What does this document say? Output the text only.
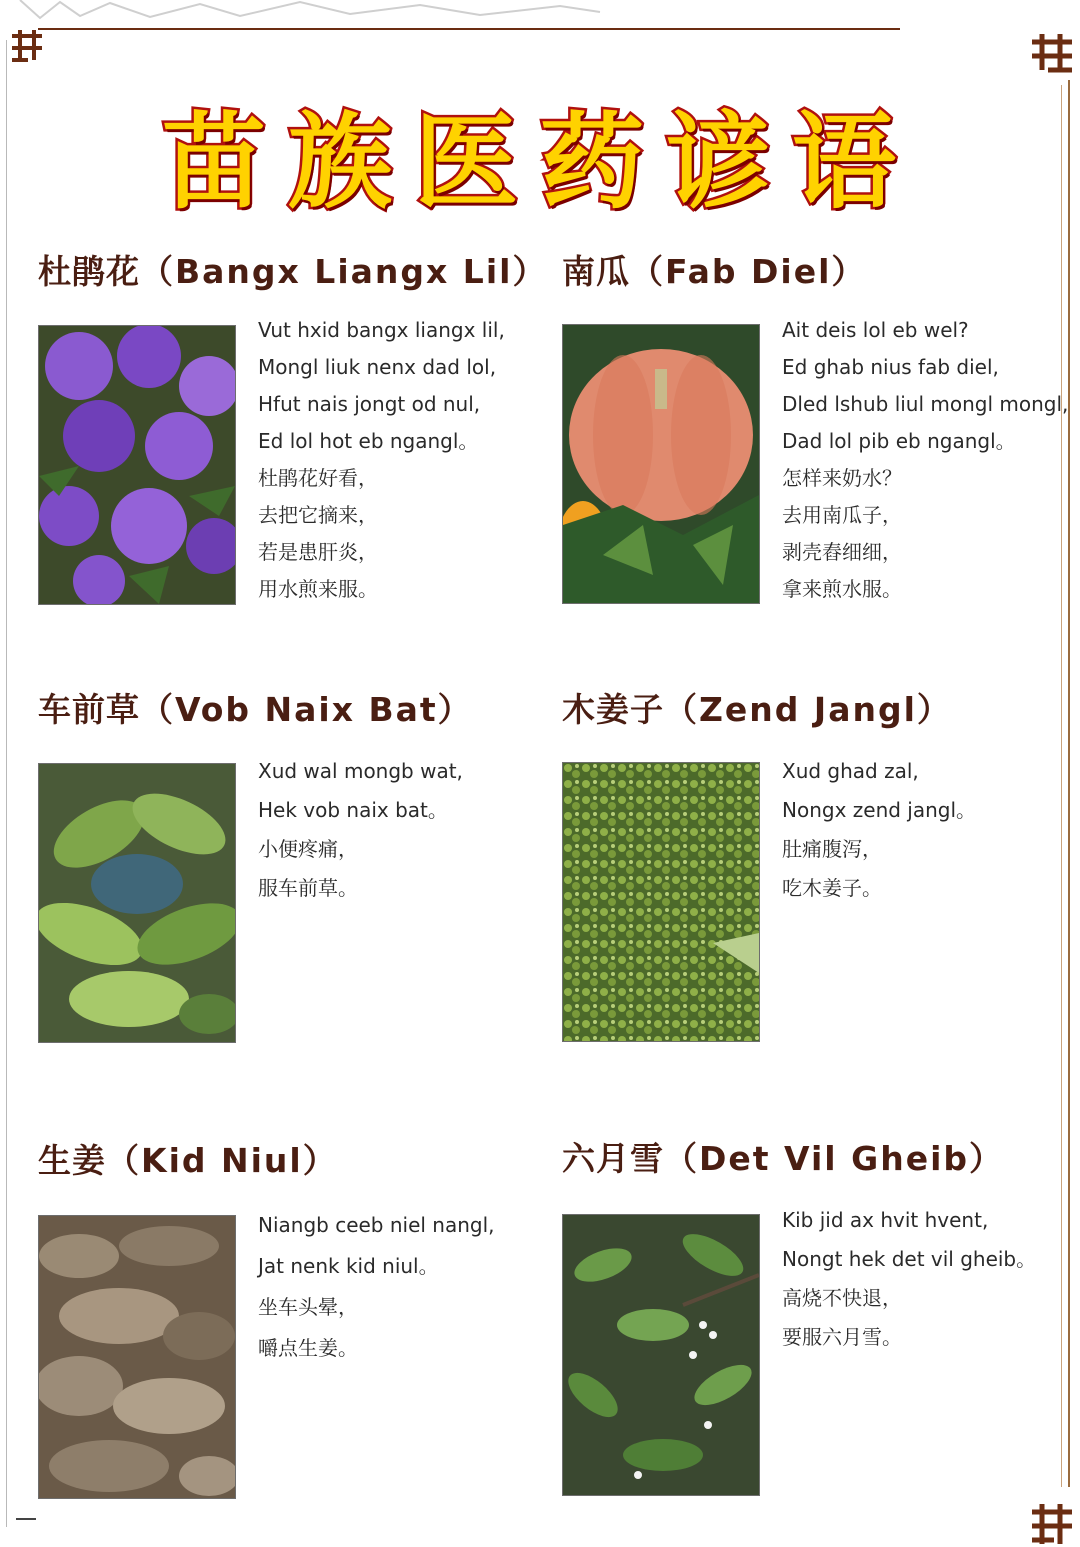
苗族医药谚语
杜鹃花（Bangx Liangx Lil）
Vut hxid bangx liangx lil,
Mongl liuk nenx dad lol,
Hfut nais jongt od nul,
Ed lol hot eb ngangl。
杜鹃花好看，
去把它摘来，
若是患肝炎，
用水煎来服。
南瓜（Fab Diel）
Ait deis lol eb wel?
Ed ghab nius fab diel,
Dled lshub liul mongl mongl,
Dad lol pib eb ngangl。
怎样来奶水？
去用南瓜子，
剥壳舂细细，
拿来煎水服。
车前草（Vob Naix Bat）
Xud wal mongb wat,
Hek vob naix bat。
小便疼痛，
服车前草。
木姜子（Zend Jangl）
Xud ghad zal,
Nongx zend jangl。
肚痛腹泻，
吃木姜子。
生姜（Kid Niul）
Niangb ceeb niel nangl,
Jat nenk kid niul。
坐车头晕，
嚼点生姜。
六月雪（Det Vil Gheib）
Kib jid ax hvit hvent,
Nongt hek det vil gheib。
高烧不快退，
要服六月雪。
